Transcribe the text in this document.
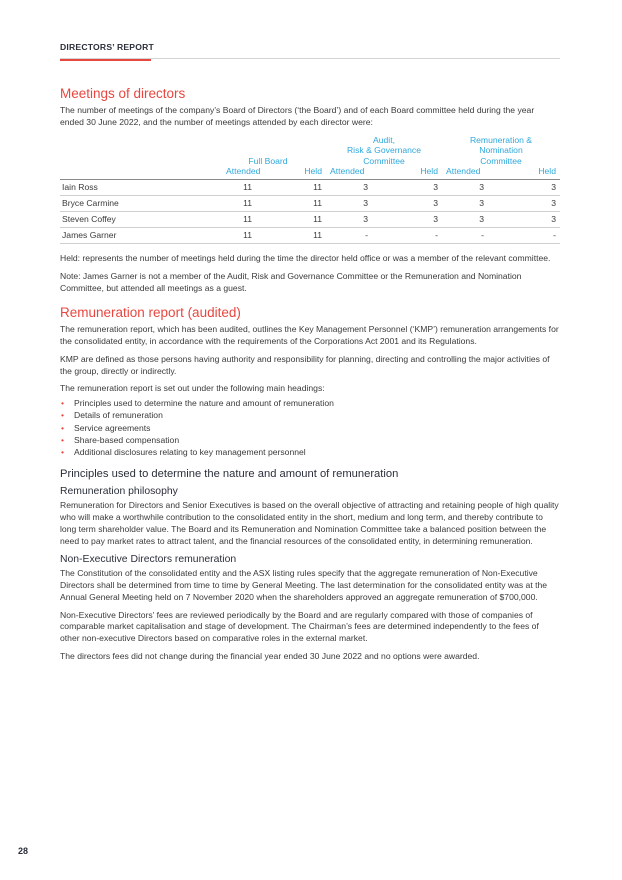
DIRECTORS’ REPORT
Meetings of directors

The number of meetings of the company’s Board of Directors (‘the Board’) and of each Board committee held during the year ended 30 June 2022, and the number of meetings attended by each director were:

	Full Board		Audit,
Risk & Governance
Committee		Remuneration &
Nomination
Committee	
	Attended	Held	Attended	Held	Attended	Held
Iain Ross	11	11	3	3	3	3
Bryce Carmine	11	11	3	3	3	3
Steven Coffey	11	11	3	3	3	3
James Garner	11	11	-	-	-	-

Held: represents the number of meetings held during the time the director held office or was a member of the relevant committee.

Note: James Garner is not a member of the Audit, Risk and Governance Committee or the Remuneration and Nomination Committee, but attended all meetings as a guest.

Remuneration report (audited)

The remuneration report, which has been audited, outlines the Key Management Personnel (‘KMP’) remuneration arrangements for the consolidated entity, in accordance with the requirements of the Corporations Act 2001 and its Regulations.

KMP are defined as those persons having authority and responsibility for planning, directing and controlling the major activities of the group, directly or indirectly.

The remuneration report is set out under the following main headings:

• Principles used to determine the nature and amount of remuneration
• Details of remuneration
• Service agreements
• Share-based compensation
• Additional disclosures relating to key management personnel
Principles used to determine the nature and amount of remuneration
Remuneration philosophy

Remuneration for Directors and Senior Executives is based on the overall objective of attracting and retaining people of high quality who will make a worthwhile contribution to the consolidated entity in the short, medium and long term, and thereby contribute to long term shareholder value. The Board and its Remuneration and Nomination Committee take a balanced position between the need to pay market rates to attract talent, and the financial resources of the consolidated entity, in determining remuneration.

Non-Executive Directors remuneration

The Constitution of the consolidated entity and the ASX listing rules specify that the aggregate remuneration of Non-Executive Directors shall be determined from time to time by General Meeting. The last determination for the consolidated entity was at the Annual General Meeting held on 7 November 2020 when the shareholders approved an aggregate remuneration of $700,000.

Non-Executive Directors’ fees are reviewed periodically by the Board and are regularly compared with those of companies of comparable market capitalisation and stage of development. The Chairman’s fees are determined independently to the fees of other non-executive Directors based on comparative roles in the external market.

The directors fees did not change during the financial year ended 30 June 2022 and no options were awarded.

28
